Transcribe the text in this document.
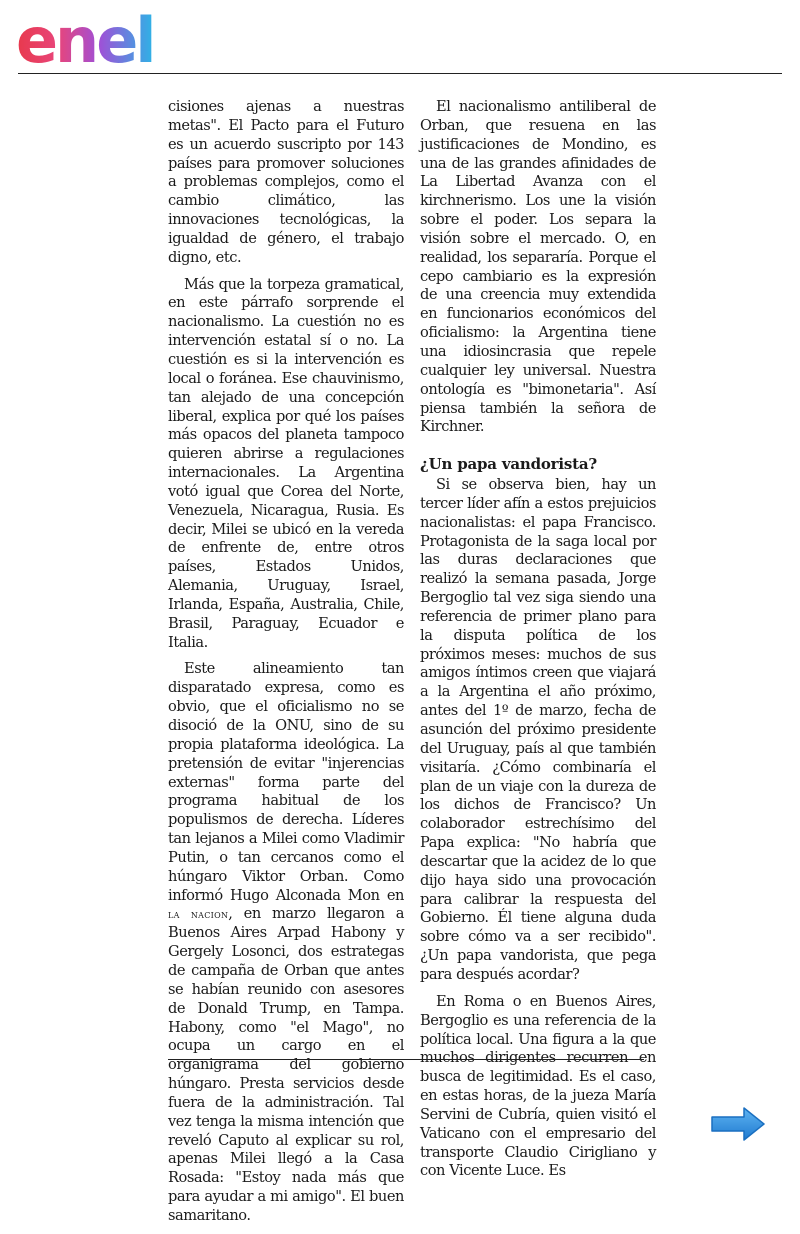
enel

cisiones ajenas a nuestras metas". El Pacto para el Futuro es un acuerdo suscripto por 143 países para promover soluciones a problemas complejos, como el cambio climático, las innovaciones tecnológicas, la igualdad de género, el trabajo digno, etc.

Más que la torpeza gramatical, en este párrafo sorprende el nacionalismo. La cuestión no es intervención estatal sí o no. La cuestión es si la intervención es local o foránea. Ese chauvinismo, tan alejado de una concepción liberal, explica por qué los países más opacos del planeta tampoco quieren abrirse a regulaciones internacionales. La Argentina votó igual que Corea del Norte, Venezuela, Nicaragua, Rusia. Es decir, Milei se ubicó en la vereda de enfrente de, entre otros países, Estados Unidos, Alemania, Uruguay, Israel, Irlanda, España, Australia, Chile, Brasil, Paraguay, Ecuador e Italia.

Este alineamiento tan disparatado expresa, como es obvio, que el oficialismo no se disoció de la ONU, sino de su propia plataforma ideológica. La pretensión de evitar "injerencias externas" forma parte del programa habitual de los populismos de derecha. Líderes tan lejanos a Milei como Vladimir Putin, o tan cercanos como el húngaro Viktor Orban. Como informó Hugo Alconada Mon en la nacion, en marzo llegaron a Buenos Aires Arpad Habony y Gergely Losonci, dos estrategas de campaña de Orban que antes se habían reunido con asesores de Donald Trump, en Tampa. Habony, como "el Mago", no ocupa un cargo en el organigrama del gobierno húngaro. Presta servicios desde fuera de la administración. Tal vez tenga la misma intención que reveló Caputo al explicar su rol, apenas Milei llegó a la Casa Rosada: "Estoy nada más que para ayudar a mi amigo". El buen samaritano.

El nacionalismo antiliberal de Orban, que resuena en las justificaciones de Mondino, es una de las grandes afinidades de La Libertad Avanza con el kirchnerismo. Los une la visión sobre el poder. Los separa la visión sobre el mercado. O, en realidad, los separaría. Porque el cepo cambiario es la expresión de una creencia muy extendida en funcionarios económicos del oficialismo: la Argentina tiene una idiosincrasia que repele cualquier ley universal. Nuestra ontología es "bimonetaria". Así piensa también la señora de Kirchner.

¿Un papa vandorista?

Si se observa bien, hay un tercer líder afín a estos prejuicios nacionalistas: el papa Francisco. Protagonista de la saga local por las duras declaraciones que realizó la semana pasada, Jorge Bergoglio tal vez siga siendo una referencia de primer plano para la disputa política de los próximos meses: muchos de sus amigos íntimos creen que viajará a la Argentina el año próximo, antes del 1º de marzo, fecha de asunción del próximo presidente del Uruguay, país al que también visitaría. ¿Cómo combinaría el plan de un viaje con la dureza de los dichos de Francisco? Un colaborador estrechísimo del Papa explica: "No habría que descartar que la acidez de lo que dijo haya sido una provocación para calibrar la respuesta del Gobierno. Él tiene alguna duda sobre cómo va a ser recibido". ¿Un papa vandorista, que pega para después acordar?

En Roma o en Buenos Aires, Bergoglio es una referencia de la política local. Una figura a la que muchos dirigentes recurren en busca de legitimidad. Es el caso, en estas horas, de la jueza María Servini de Cubría, quien visitó el Vaticano con el empresario del transporte Claudio Cirigliano y con Vicente Luce. Es
